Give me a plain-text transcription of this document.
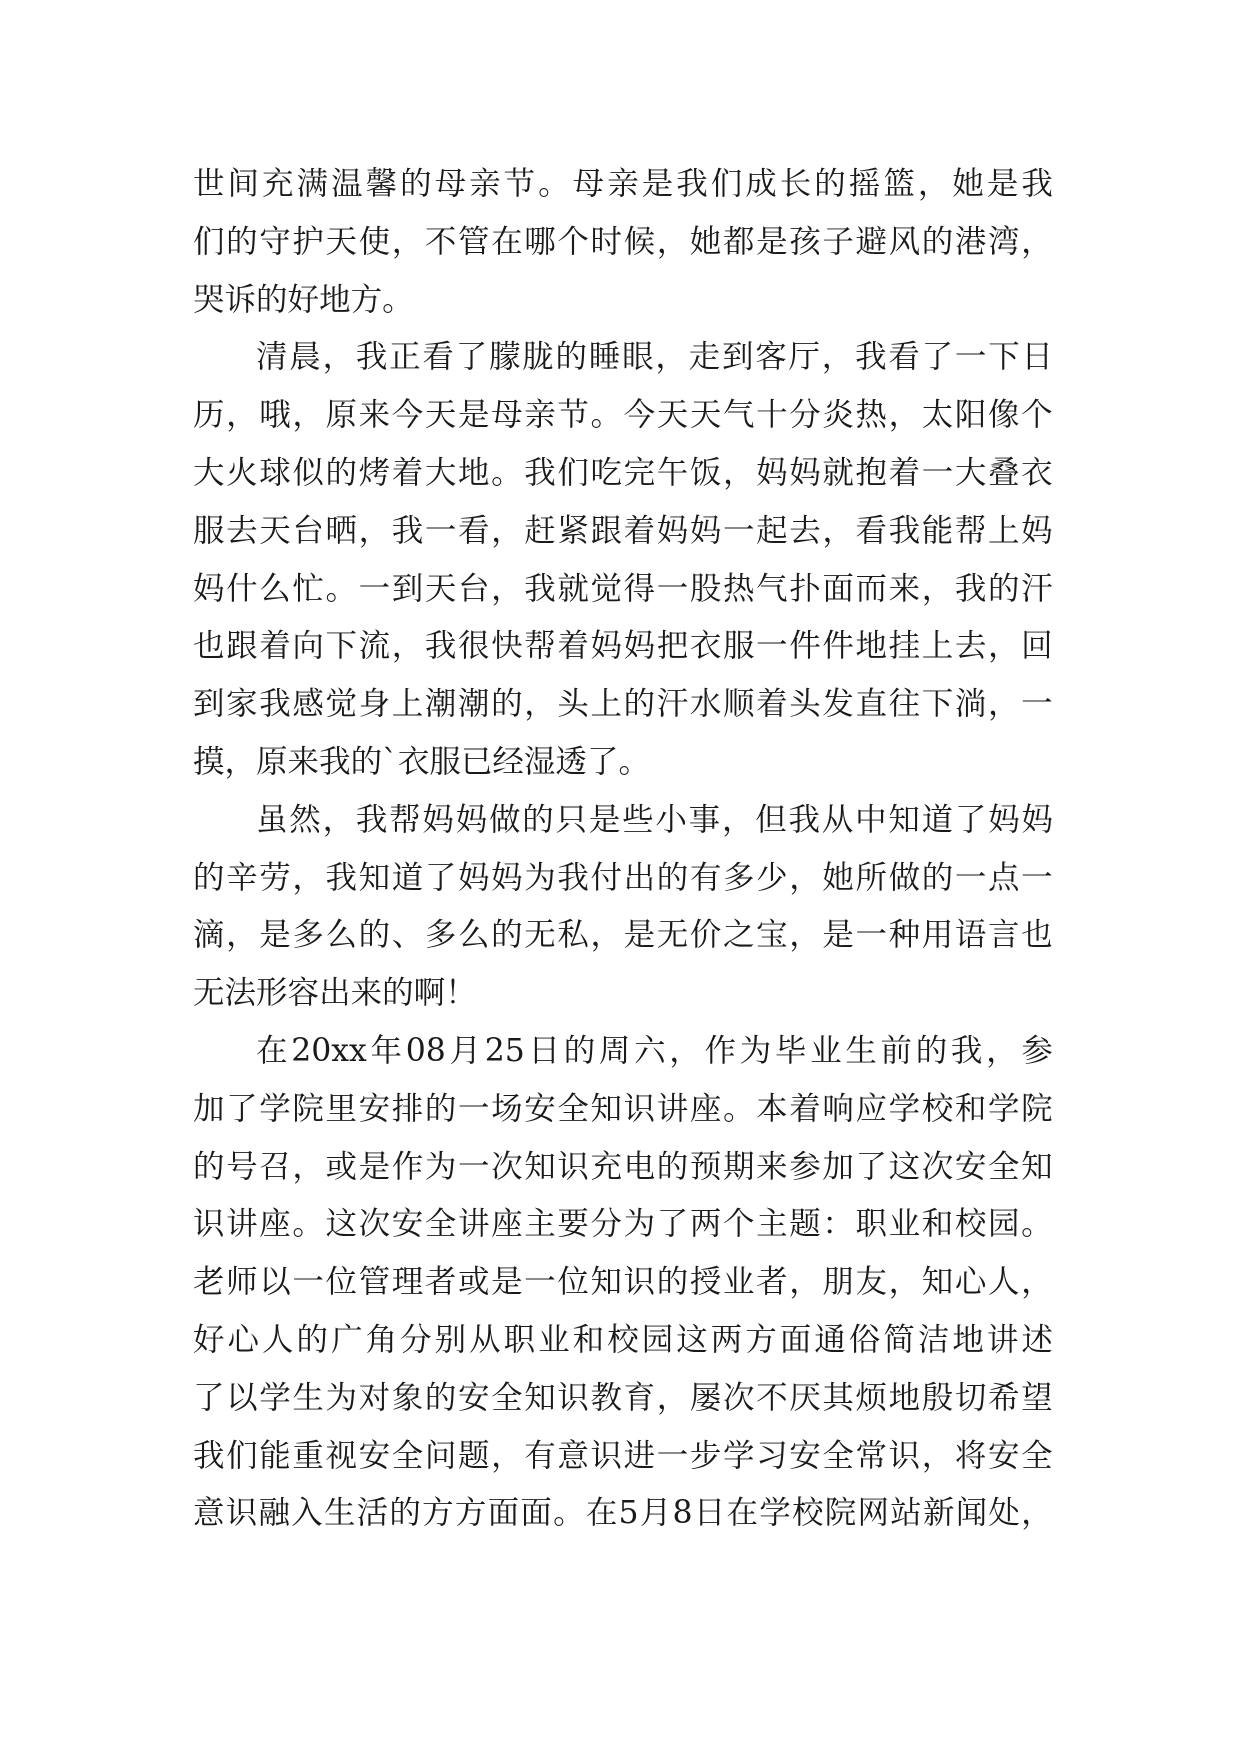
世 间 充 满 温 馨 的 母 亲 节 。 母 亲 是 我 们 成 长 的 摇 篮 ， 她 是 我
们 的 守 护 天 使 ， 不 管 在 哪 个 时 候 ， 她 都 是 孩 子 避 风 的 港 湾 ，
哭 诉 的 好 地 方 。
清 晨 ， 我 正 看 了 朦 胧 的 睡 眼 ， 走 到 客 厅 ， 我 看 了 一 下 日
历 ， 哦 ， 原 来 今 天 是 母 亲 节 。 今 天 天 气 十 分 炎 热 ， 太 阳 像 个
大 火 球 似 的 烤 着 大 地 。 我 们 吃 完 午 饭 ， 妈 妈 就 抱 着 一 大 叠 衣
服 去 天 台 晒 ， 我 一 看 ， 赶 紧 跟 着 妈 妈 一 起 去 ， 看 我 能 帮 上 妈
妈 什 么 忙 。 一 到 天 台 ， 我 就 觉 得 一 股 热 气 扑 面 而 来 ， 我 的 汗
也 跟 着 向 下 流 ， 我 很 快 帮 着 妈 妈 把 衣 服 一 件 件 地 挂 上 去 ， 回
到 家 我 感 觉 身 上 潮 潮 的 ， 头 上 的 汗 水 顺 着 头 发 直 往 下 淌 ， 一
摸 ， 原 来 我 的 ` 衣 服 已 经 湿 透 了 。
虽 然 ， 我 帮 妈 妈 做 的 只 是 些 小 事 ， 但 我 从 中 知 道 了 妈 妈
的 辛 劳 ， 我 知 道 了 妈 妈 为 我 付 出 的 有 多 少 ， 她 所 做 的 一 点 一
滴 ， 是 多 么 的 、 多 么 的 无 私 ， 是 无 价 之 宝 ， 是 一 种 用 语 言 也
无 法 形 容 出 来 的 啊 ！
在 20xx 年 08 月 25 日 的 周 六 ， 作 为 毕 业 生 前 的 我 ， 参
加 了 学 院 里 安 排 的 一 场 安 全 知 识 讲 座 。 本 着 响 应 学 校 和 学 院
的 号 召 ， 或 是 作 为 一 次 知 识 充 电 的 预 期 来 参 加 了 这 次 安 全 知
识 讲 座 。 这 次 安 全 讲 座 主 要 分 为 了 两 个 主 题 ： 职 业 和 校 园 。
老 师 以 一 位 管 理 者 或 是 一 位 知 识 的 授 业 者 ， 朋 友 ， 知 心 人 ，
好 心 人 的 广 角 分 别 从 职 业 和 校 园 这 两 方 面 通 俗 简 洁 地 讲 述
了 以 学 生 为 对 象 的 安 全 知 识 教 育 ， 屡 次 不 厌 其 烦 地 殷 切 希 望
我 们 能 重 视 安 全 问 题 ， 有 意 识 进 一 步 学 习 安 全 常 识 ， 将 安 全
意 识 融 入 生 活 的 方 方 面 面 。 在 5 月 8 日 在 学 校 院 网 站 新 闻 处 ，
